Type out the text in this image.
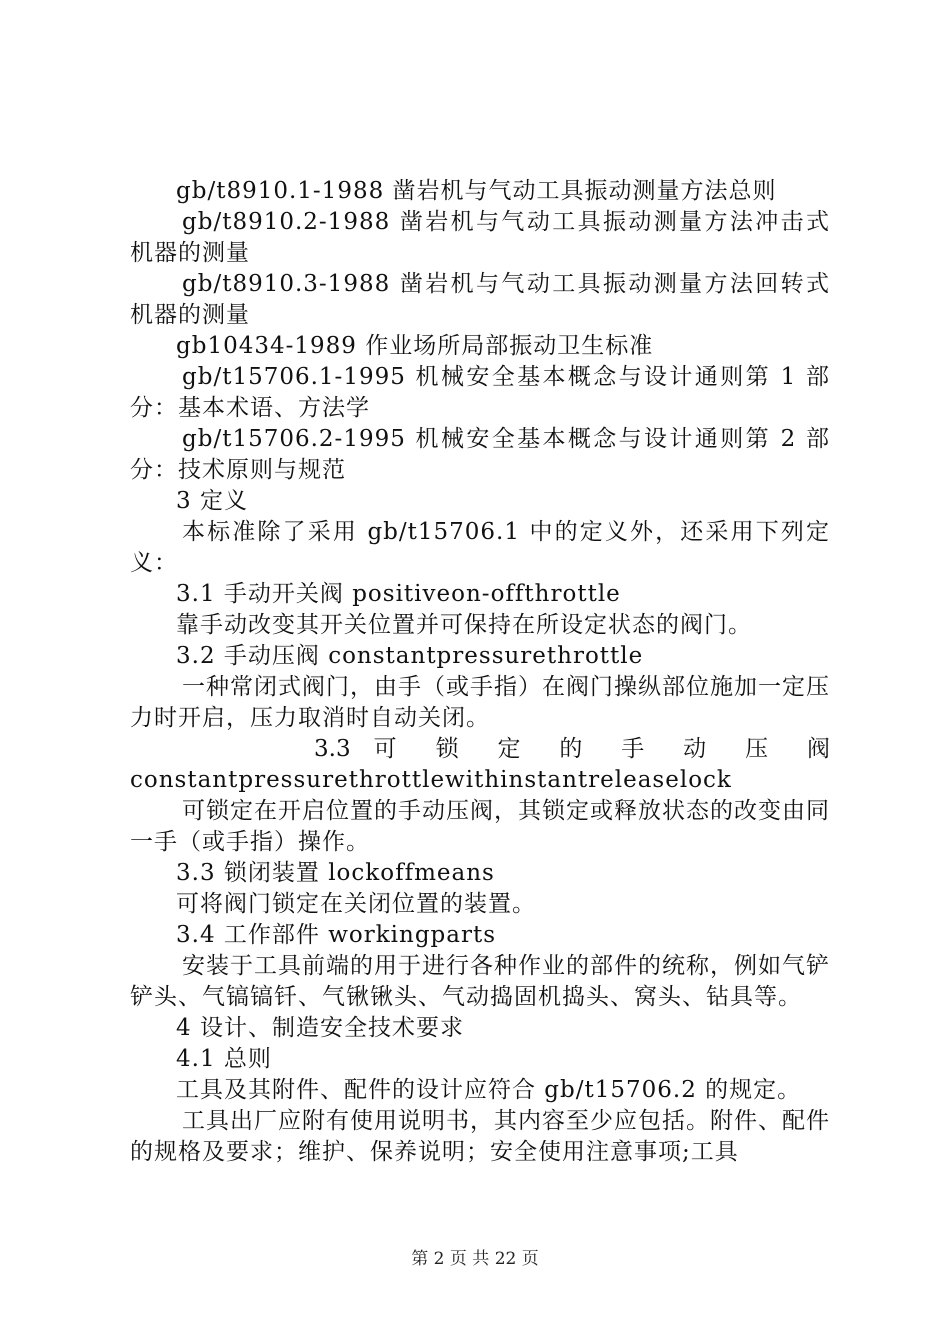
gb/t8910.1-1988 凿岩机与气动工具振动测量方法总则
gb/t8910.2-1988 凿岩机与气动工具振动测量方法冲击式机器的测量
gb/t8910.3-1988 凿岩机与气动工具振动测量方法回转式机器的测量
gb10434-1989 作业场所局部振动卫生标准
gb/t15706.1-1995 机械安全基本概念与设计通则第 1 部分：基本术语、方法学
gb/t15706.2-1995 机械安全基本概念与设计通则第 2 部分：技术原则与规范
3 定义
本标准除了采用 gb/t15706.1 中的定义外，还采用下列定义：
3.1 手动开关阀 positiveon-offthrottle
靠手动改变其开关位置并可保持在所设定状态的阀门。
3.2 手动压阀 constantpressurethrottle
一种常闭式阀门，由手（或手指）在阀门操纵部位施加一定压力时开启，压力取消时自动关闭。
3.3 可 锁 定 的 手 动 压 阀
constantpressurethrottlewithinstantreleaselock
可锁定在开启位置的手动压阀，其锁定或释放状态的改变由同一手（或手指）操作。
3.3 锁闭装置 lockoffmeans
可将阀门锁定在关闭位置的装置。
3.4 工作部件 workingparts
安装于工具前端的用于进行各种作业的部件的统称，例如气铲铲头、气镐镐钎、气锹锹头、气动捣固机捣头、窝头、钻具等。
4 设计、制造安全技术要求
4.1 总则
工具及其附件、配件的设计应符合 gb/t15706.2 的规定。
工具出厂应附有使用说明书，其内容至少应包括。附件、配件的规格及要求；维护、保养说明；安全使用注意事项;工具
第 2 页 共 22 页
